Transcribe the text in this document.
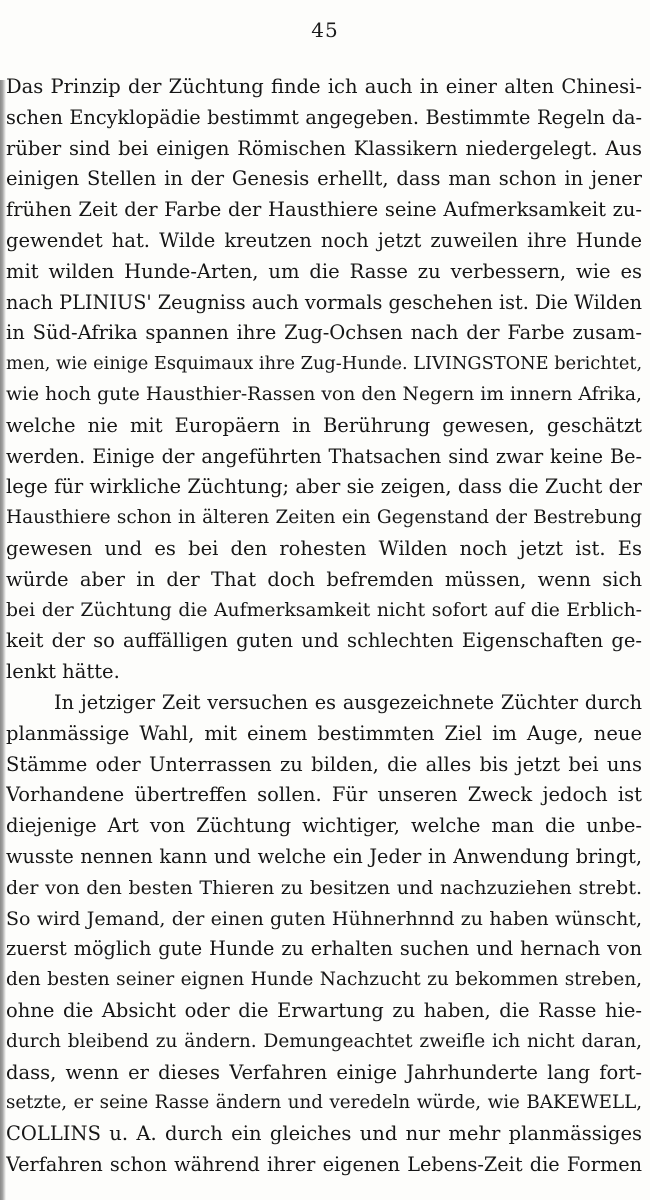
45
Das Prinzip der Züchtung finde ich auch in einer alten Chinesi-
schen Encyklopädie bestimmt angegeben. Bestimmte Regeln da-
rüber sind bei einigen Römischen Klassikern niedergelegt. Aus
einigen Stellen in der Genesis erhellt, dass man schon in jener
frühen Zeit der Farbe der Hausthiere seine Aufmerksamkeit zu-
gewendet hat. Wilde kreutzen noch jetzt zuweilen ihre Hunde
mit wilden Hunde-Arten, um die Rasse zu verbessern, wie es
nach PLINIUS' Zeugniss auch vormals geschehen ist. Die Wilden
in Süd-Afrika spannen ihre Zug-Ochsen nach der Farbe zusam-
men, wie einige Esquimaux ihre Zug-Hunde. LIVINGSTONE berichtet,
wie hoch gute Hausthier-Rassen von den Negern im innern Afrika,
welche nie mit Europäern in Berührung gewesen, geschätzt
werden. Einige der angeführten Thatsachen sind zwar keine Be-
lege für wirkliche Züchtung; aber sie zeigen, dass die Zucht der
Hausthiere schon in älteren Zeiten ein Gegenstand der Bestrebung
gewesen und es bei den rohesten Wilden noch jetzt ist. Es
würde aber in der That doch befremden müssen, wenn sich
bei der Züchtung die Aufmerksamkeit nicht sofort auf die Erblich-
keit der so auffälligen guten und schlechten Eigenschaften ge-
lenkt hätte.
In jetziger Zeit versuchen es ausgezeichnete Züchter durch
planmässige Wahl, mit einem bestimmten Ziel im Auge, neue
Stämme oder Unterrassen zu bilden, die alles bis jetzt bei uns
Vorhandene übertreffen sollen. Für unseren Zweck jedoch ist
diejenige Art von Züchtung wichtiger, welche man die unbe-
wusste nennen kann und welche ein Jeder in Anwendung bringt,
der von den besten Thieren zu besitzen und nachzuziehen strebt.
So wird Jemand, der einen guten Hühnerhnnd zu haben wünscht,
zuerst möglich gute Hunde zu erhalten suchen und hernach von
den besten seiner eignen Hunde Nachzucht zu bekommen streben,
ohne die Absicht oder die Erwartung zu haben, die Rasse hie-
durch bleibend zu ändern. Demungeachtet zweifle ich nicht daran,
dass, wenn er dieses Verfahren einige Jahrhunderte lang fort-
setzte, er seine Rasse ändern und veredeln würde, wie BAKEWELL,
COLLINS u. A. durch ein gleiches und nur mehr planmässiges
Verfahren schon während ihrer eigenen Lebens-Zeit die Formen
